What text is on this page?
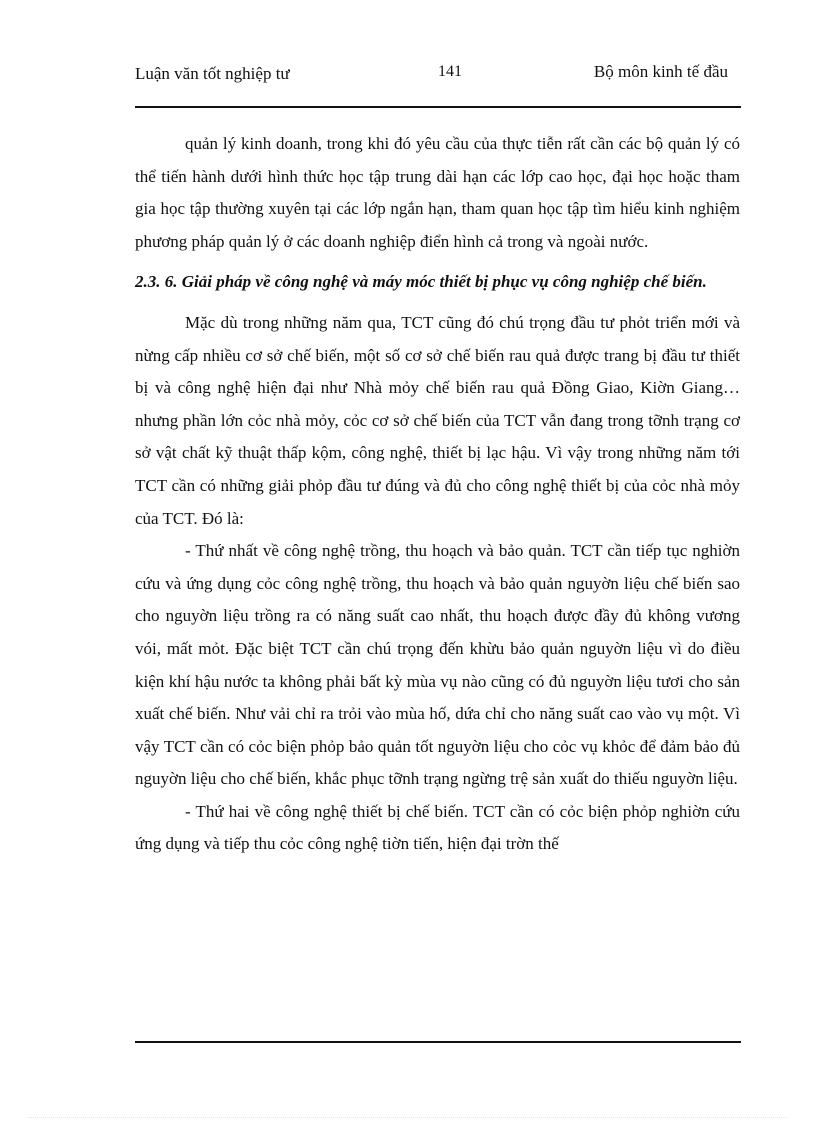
Luận văn tốt nghiệp tư	141	Bộ môn kinh tế đầu

quản lý kinh doanh, trong khi đó yêu cầu của thực tiễn rất cần các bộ quản lý có thể tiến hành dưới hình thức học tập trung dài hạn các lớp cao học, đại học hoặc tham gia học tập thường xuyên tại các lớp ngắn hạn, tham quan học tập tìm hiểu kinh nghiệm phương pháp quản lý ở các doanh nghiệp điển hình cả trong và ngoài nước.

2.3. 6. Giải pháp về công nghệ và máy móc thiết bị phục vụ công nghiệp chế biến.

Mặc dù trong những năm qua, TCT cũng đó chú trọng đầu tư phỏt triển mới và nừng cấp nhiều cơ sở chế biến, một số cơ sở chế biến rau quả được trang bị đầu tư thiết bị và công nghệ hiện đại như Nhà mỏy chế biến rau quả Đồng Giao, Kiờn Giang… nhưng phần lớn cỏc nhà mỏy, cỏc cơ sở chế biến của TCT vẫn đang trong tỡnh trạng cơ sở vật chất kỹ thuật thấp kộm, công nghệ, thiết bị lạc hậu. Vì vậy trong những năm tới TCT cần có những giải phỏp đầu tư đúng và đủ cho công nghệ thiết bị của cỏc nhà mỏy của TCT. Đó là:

- Thứ nhất về công nghệ trồng, thu hoạch và bảo quản. TCT cần tiếp tục nghiờn cứu và ứng dụng cỏc công nghệ trồng, thu hoạch và bảo quản nguyờn liệu chế biến sao cho nguyờn liệu trồng ra có năng suất cao nhất, thu hoạch được đầy đủ không vương vói, mất mỏt. Đặc biệt TCT cần chú trọng đến khừu bảo quản nguyờn liệu vì do điều kiện khí hậu nước ta không phải bất kỳ mùa vụ nào cũng có đủ nguyờn liệu tươi cho sản xuất chế biến. Như vải chỉ ra trỏi vào mùa hố, dứa chỉ cho năng suất cao vào vụ một. Vì vậy TCT cần có cỏc biện phỏp bảo quản tốt nguyờn liệu cho cỏc vụ khỏc để đảm bảo đủ nguyờn liệu cho chế biến, khắc phục tỡnh trạng ngừng trệ sản xuất do thiếu nguyờn liệu.

- Thứ hai về công nghệ thiết bị chế biến. TCT cần có cỏc biện phỏp nghiờn cứu ứng dụng và tiếp thu cỏc công nghệ tiờn tiến, hiện đại trờn thế
